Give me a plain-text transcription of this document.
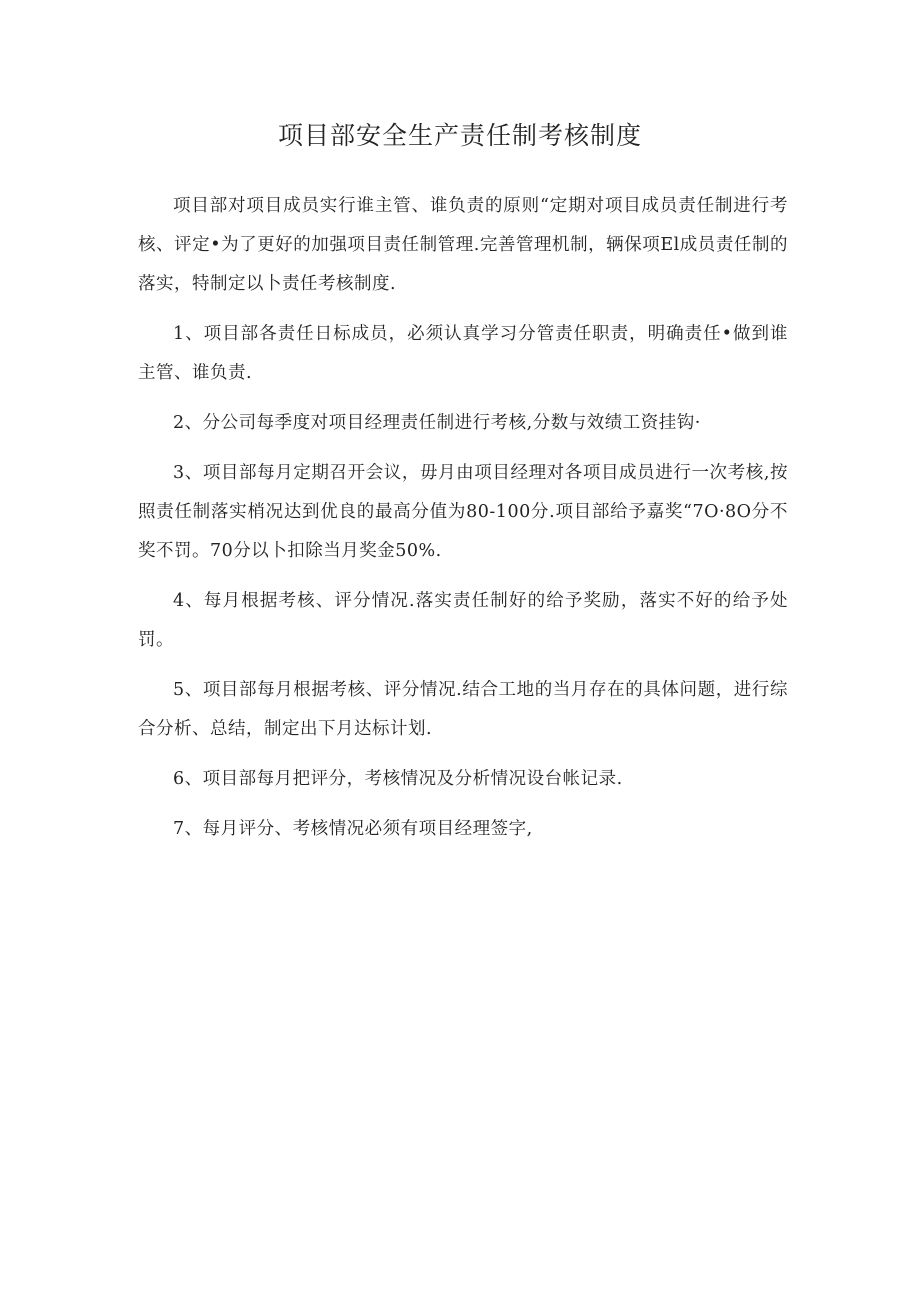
项目部安全生产责任制考核制度

项目部对项目成员实行谁主管、谁负责的原则“定期对项目成员责任制进行考核、评定•为了更好的加强项目责任制管理.完善管理机制，辆保项El成员责任制的落实，特制定以卜责任考核制度.

1、项目部各责任日标成员，必须认真学习分管责任职责，明确责任•做到谁主管、谁负责.

2、分公司每季度对项目经理责任制进行考核,分数与效绩工资挂钩·

3、项目部每月定期召开会议，毋月由项目经理对各项目成员进行一次考核,按照责任制落实梢况达到优良的最高分值为80-100分.项目部给予嘉奖“7O·8O分不奖不罚。70分以卜扣除当月奖金50%.

4、每月根据考核、评分情况.落实责任制好的给予奖励，落实不好的给予处罚。

5、项目部每月根据考核、评分情况.结合工地的当月存在的具体问题，进行综合分析、总结，制定出下月达标计划.

6、项目部每月把评分，考核情况及分析情况设台帐记录.

7、每月评分、考核情况必须有项目经理签字,
